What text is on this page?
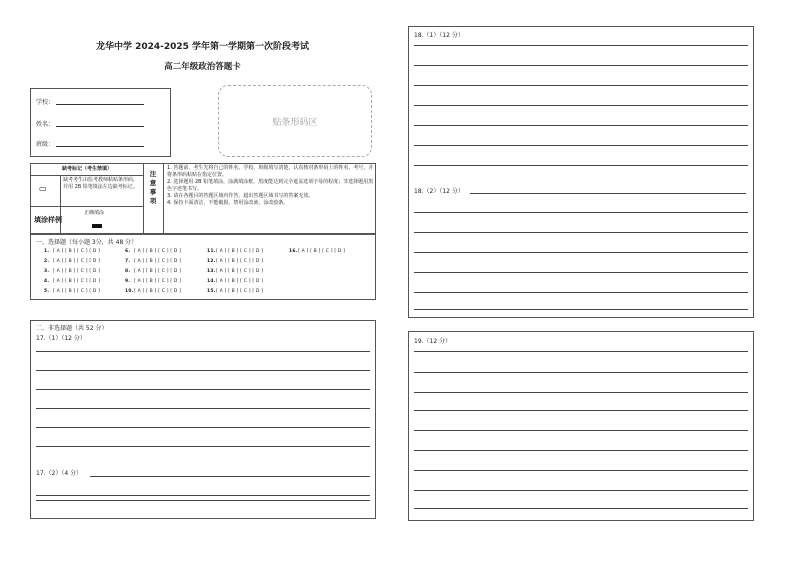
龙华中学 2024-2025 学年第一学期第一次阶段考试
高二年级政治答题卡
学校：
姓名：
班级：
贴条形码区
缺考标记（考生禁填）
▭
缺考考生由监考教师粘贴条形码，并用 2B 铅笔填涂左边缺考标记。
填涂样例
正确填涂
注
意
事
项
1. 答题前，考生先将自己的姓名、学校、班级填写清楚，认真核对条形码上的姓名、考号，并将条形码粘贴在指定位置。
2. 选择题用 2B 铅笔填涂，涂满填涂框，黑度能达到完全遮盖选项字母的程度；非选择题用黑色字迹笔书写。
3. 请在各题目的答题区域内作答，超出答题区域书写的答案无效。
4. 保持卡面清洁，不能破损，禁用涂改液、涂改胶条。
一、选择题（每小题 3分，共 48 分）
1. [ A ] [ B ] [ C ] [ D ]
2. [ A ] [ B ] [ C ] [ D ]
3. [ A ] [ B ] [ C ] [ D ]
4. [ A ] [ B ] [ C ] [ D ]
5. [ A ] [ B ] [ C ] [ D ]
6. [ A ] [ B ] [ C ] [ D ]
7. [ A ] [ B ] [ C ] [ D ]
8. [ A ] [ B ] [ C ] [ D ]
9. [ A ] [ B ] [ C ] [ D ]
10.[ A ] [ B ] [ C ] [ D ]
11.[ A ] [ B ] [ C ] [ D ]
12.[ A ] [ B ] [ C ] [ D ]
13.[ A ] [ B ] [ C ] [ D ]
14.[ A ] [ B ] [ C ] [ D ]
15.[ A ] [ B ] [ C ] [ D ]
16.[ A ] [ B ] [ C ] [ D ]
二、非选择题（共 52 分）
17.（1）（12 分）
17.（2）（4 分）
18.（1）（12 分）
18.（2）（12 分）
19.（12 分）
